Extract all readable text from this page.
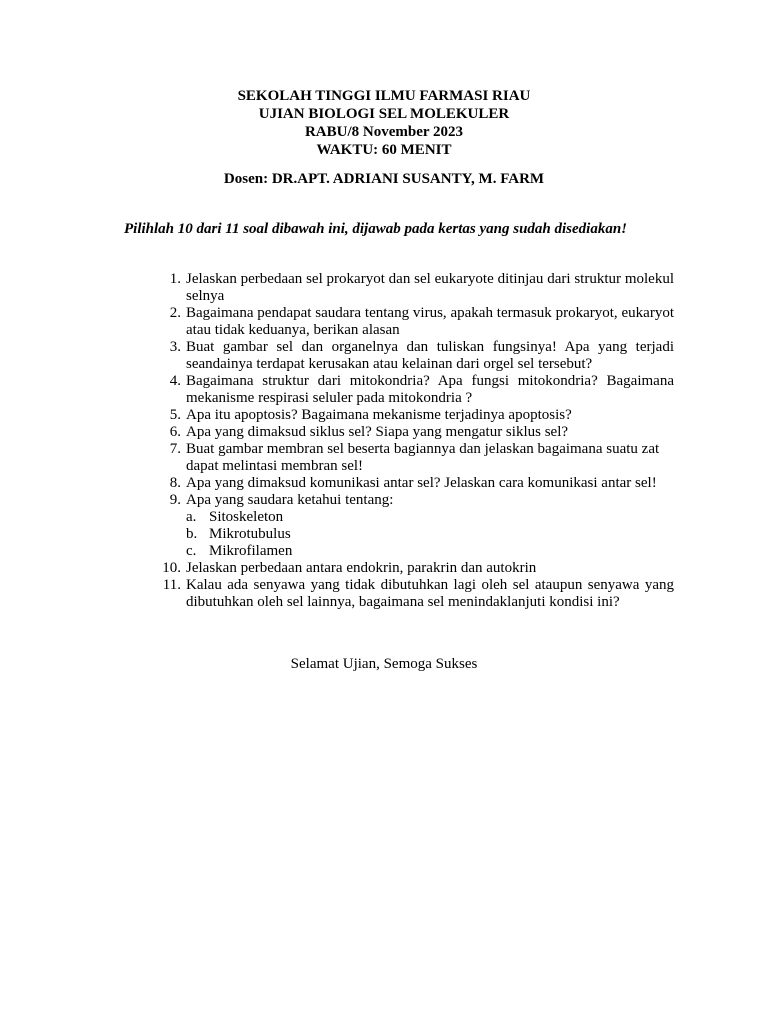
SEKOLAH TINGGI ILMU FARMASI RIAU
UJIAN BIOLOGI SEL MOLEKULER
RABU/8 November 2023
WAKTU: 60 MENIT
Dosen: DR.APT. ADRIANI SUSANTY, M. FARM
Pilihlah 10 dari 11 soal dibawah ini, dijawab pada kertas yang sudah disediakan!
1. Jelaskan perbedaan sel prokaryot dan sel eukaryote ditinjau dari struktur molekul selnya
2. Bagaimana pendapat saudara tentang virus, apakah termasuk prokaryot, eukaryot atau tidak keduanya, berikan alasan
3. Buat gambar sel dan organelnya dan tuliskan fungsinya! Apa yang terjadi seandainya terdapat kerusakan atau kelainan dari orgel sel tersebut?
4. Bagaimana struktur dari mitokondria? Apa fungsi mitokondria? Bagaimana mekanisme respirasi seluler pada mitokondria ?
5. Apa itu apoptosis? Bagaimana mekanisme terjadinya apoptosis?
6. Apa yang dimaksud siklus sel? Siapa yang mengatur siklus sel?
7. Buat gambar membran sel beserta bagiannya dan jelaskan bagaimana suatu zat dapat melintasi membran sel!
8. Apa yang dimaksud komunikasi antar sel? Jelaskan cara komunikasi antar sel!
9. Apa yang saudara ketahui tentang:
a. Sitoskeleton
b. Mikrotubulus
c. Mikrofilamen
10. Jelaskan perbedaan antara endokrin, parakrin dan autokrin
11. Kalau ada senyawa yang tidak dibutuhkan lagi oleh sel ataupun senyawa yang dibutuhkan oleh sel lainnya, bagaimana sel menindaklanjuti kondisi ini?
Selamat Ujian, Semoga Sukses
